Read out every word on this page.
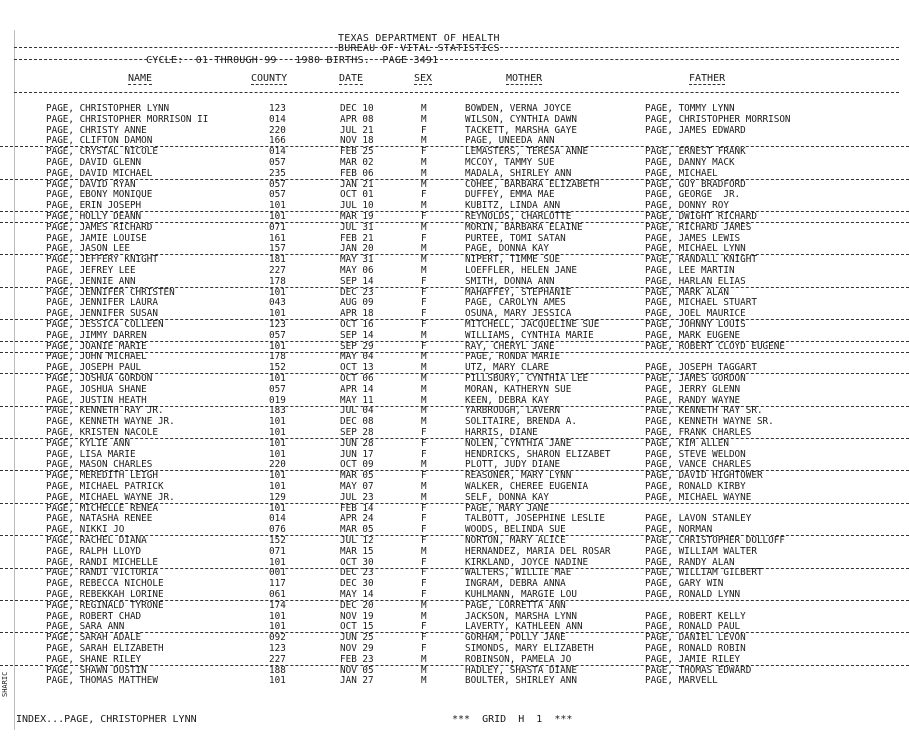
TEXAS DEPARTMENT OF HEALTH
BUREAU OF VITAL STATISTICS
CYCLE:  01 THROUGH 99   1980 BIRTHS.  PAGE 3491
NAME	COUNTY	DATE	SEX	MOTHER	FATHER
PAGE, CHRISTOPHER LYNN	123	DEC 10	M	BOWDEN, VERNA JOYCE	PAGE, TOMMY LYNN
PAGE, CHRISTOPHER MORRISON II	014	APR 08	M	WILSON, CYNTHIA DAWN	PAGE, CHRISTOPHER MORRISON
PAGE, CHRISTY ANNE	220	JUL 21	F	TACKETT, MARSHA GAYE	PAGE, JAMES EDWARD
PAGE, CLIFTON DAMON	166	NOV 18	M	PAGE, UNEEDA ANN
PAGE, CRYSTAL NICOLE	014	FEB 25	F	LEMASTERS, TERESA ANNE	PAGE, ERNEST FRANK
PAGE, DAVID GLENN	057	MAR 02	M	MCCOY, TAMMY SUE	PAGE, DANNY MACK
PAGE, DAVID MICHAEL	235	FEB 06	M	MADALA, SHIRLEY ANN	PAGE, MICHAEL
PAGE, DAVID RYAN	057	JAN 21	M	COHEE, BARBARA ELIZABETH	PAGE, GUY BRADFORD
PAGE, EBONY MONIQUE	057	OCT 01	F	DUFFEY, EMMA MAE	PAGE, GEORGE  JR.
PAGE, ERIN JOSEPH	101	JUL 10	M	KUBITZ, LINDA ANN	PAGE, DONNY ROY
PAGE, HOLLY DEANN	101	MAR 19	F	REYNOLDS, CHARLOTTE	PAGE, DWIGHT RICHARD
PAGE, JAMES RICHARD	071	JUL 31	M	MORIN, BARBARA ELAINE	PAGE, RICHARD JAMES
PAGE, JAMIE LOUISE	161	FEB 21	F	PURTEE, TOMI SATAN	PAGE, JAMES LEWIS
PAGE, JASON LEE	157	JAN 20	M	PAGE, DONNA KAY	PAGE, MICHAEL LYNN
PAGE, JEFFERY KNIGHT	181	MAY 31	M	NIPERT, TIMME SUE	PAGE, RANDALL KNIGHT
PAGE, JEFREY LEE	227	MAY 06	M	LOEFFLER, HELEN JANE	PAGE, LEE MARTIN
PAGE, JENNIE ANN	178	SEP 14	F	SMITH, DONNA ANN	PAGE, HARLAN ELIAS
PAGE, JENNIFER CHRISTEN	101	DEC 23	F	MAHAFFEY, STEPHANIE	PAGE, MARK ALAN
PAGE, JENNIFER LAURA	043	AUG 09	F	PAGE, CAROLYN AMES	PAGE, MICHAEL STUART
PAGE, JENNIFER SUSAN	101	APR 18	F	OSUNA, MARY JESSICA	PAGE, JOEL MAURICE
PAGE, JESSICA COLLEEN	123	OCT 16	F	MITCHELL, JACQUELINE SUE	PAGE, JOHNNY LOUIS
PAGE, JIMMY DARREN	057	SEP 14	M	WILLIAMS, CYNTHIA MARIE	PAGE, MARK EUGENE
PAGE, JOANIE MARIE	101	SEP 29	F	RAY, CHERYL JANE	PAGE, ROBERT CLOYD EUGENE
PAGE, JOHN MICHAEL	178	MAY 04	M	PAGE, RONDA MARIE
PAGE, JOSEPH PAUL	152	OCT 13	M	UTZ, MARY CLARE	PAGE, JOSEPH TAGGART
PAGE, JOSHUA GORDON	101	OCT 06	M	PILLSBURY, CYNTHIA LEE	PAGE, JAMES GORDON
PAGE, JOSHUA SHANE	057	APR 14	M	MORAN, KATHERYN SUE	PAGE, JERRY GLENN
PAGE, JUSTIN HEATH	019	MAY 11	M	KEEN, DEBRA KAY	PAGE, RANDY WAYNE
PAGE, KENNETH RAY JR.	183	JUL 04	M	YARBROUGH, LAVERN	PAGE, KENNETH RAY SR.
PAGE, KENNETH WAYNE JR.	101	DEC 08	M	SOLITAIRE, BRENDA A.	PAGE, KENNETH WAYNE SR.
PAGE, KRISTEN NACOLE	101	SEP 28	F	HARRIS, DIANE	PAGE, FRANK CHARLES
PAGE, KYLIE ANN	101	JUN 28	F	NOLEN, CYNTHIA JANE	PAGE, KIM ALLEN
PAGE, LISA MARIE	101	JUN 17	F	HENDRICKS, SHARON ELIZABET	PAGE, STEVE WELDON
PAGE, MASON CHARLES	220	OCT 09	M	PLOTT, JUDY DIANE	PAGE, VANCE CHARLES
PAGE, MEREDITH LEIGH	101	MAR 05	F	REASONER, MARY LYNN	PAGE, DAVID HIGHTOWER
PAGE, MICHAEL PATRICK	101	MAY 07	M	WALKER, CHEREE EUGENIA	PAGE, RONALD KIRBY
PAGE, MICHAEL WAYNE JR.	129	JUL 23	M	SELF, DONNA KAY	PAGE, MICHAEL WAYNE
PAGE, MICHELLE RENEA	101	FEB 14	F	PAGE, MARY JANE
PAGE, NATASHA RENEE	014	APR 24	F	TALBOTT, JOSEPHINE LESLIE	PAGE, LAVON STANLEY
PAGE, NIKKI JO	076	MAR 05	F	WOODS, BELINDA SUE	PAGE, NORMAN
PAGE, RACHEL DIANA	152	JUL 12	F	NORTON, MARY ALICE	PAGE, CHRISTOPHER DOLLOFF
PAGE, RALPH LLOYD	071	MAR 15	M	HERNANDEZ, MARIA DEL ROSAR	PAGE, WILLIAM WALTER
PAGE, RANDI MICHELLE	101	OCT 30	F	KIRKLAND, JOYCE NADINE	PAGE, RANDY ALAN
PAGE, RANDI VICTORIA	001	DEC 23	F	WALTERS, WILLIE MAE	PAGE, WILLIAM GILBERT
PAGE, REBECCA NICHOLE	117	DEC 30	F	INGRAM, DEBRA ANNA	PAGE, GARY WIN
PAGE, REBEKKAH LORINE	061	MAY 14	F	KUHLMANN, MARGIE LOU	PAGE, RONALD LYNN
PAGE, REGINALD TYRONE	174	DEC 20	M	PAGE, LORRETTA ANN
PAGE, ROBERT CHAD	101	NOV 19	M	JACKSON, MARSHA LYNN	PAGE, ROBERT KELLY
PAGE, SARA ANN	101	OCT 15	F	LAVERTY, KATHLEEN ANN	PAGE, RONALD PAUL
PAGE, SARAH ADALE	092	JUN 25	F	GORHAM, POLLY JANE	PAGE, DANIEL LEVON
PAGE, SARAH ELIZABETH	123	NOV 29	F	SIMONDS, MARY ELIZABETH	PAGE, RONALD ROBIN
PAGE, SHANE RILEY	227	FEB 23	M	ROBINSON, PAMELA JO	PAGE, JAMIE RILEY
PAGE, SHAWN DUSTIN	188	NOV 05	M	HADLEY, SHASTA DIANE	PAGE, THOMAS EDWARD
PAGE, THOMAS MATTHEW	101	JAN 27	M	BOULTER, SHIRLEY ANN	PAGE, MARVELL
INDEX...PAGE, CHRISTOPHER LYNN	***  GRID  H  1  ***
SHARIC
